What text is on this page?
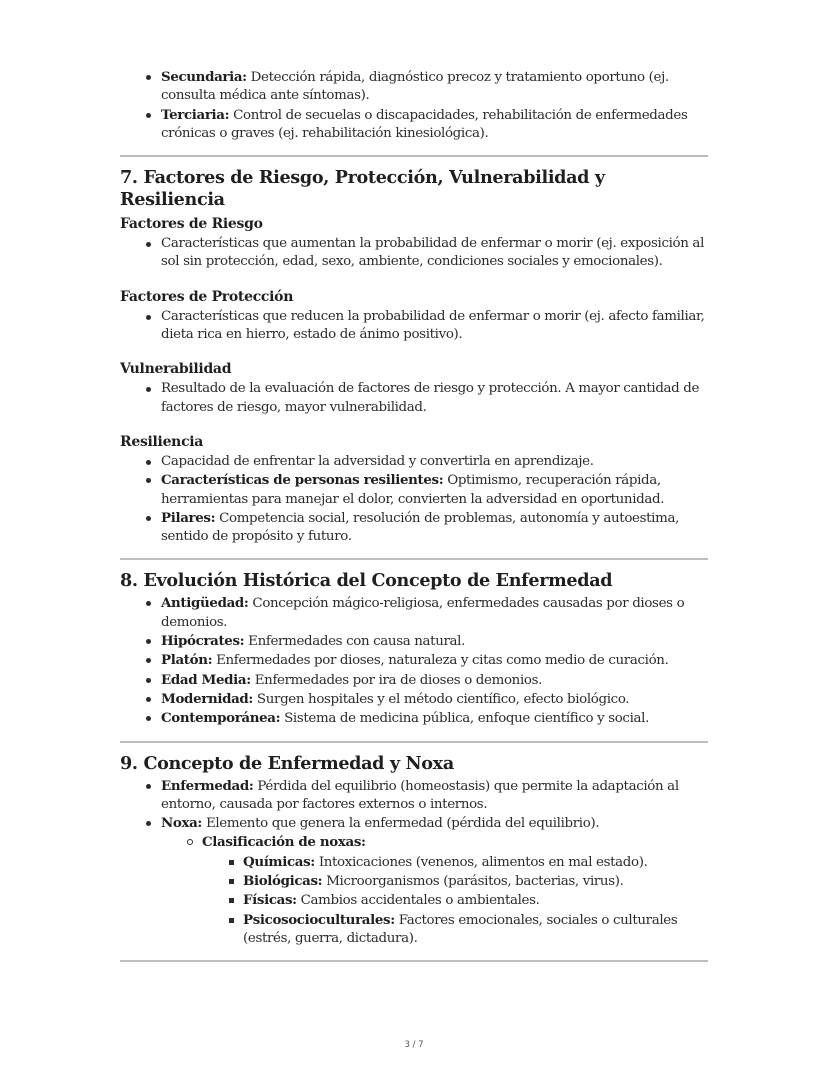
Secundaria: Detección rápida, diagnóstico precoz y tratamiento oportuno (ej. consulta médica ante síntomas).
Terciaria: Control de secuelas o discapacidades, rehabilitación de enfermedades crónicas o graves (ej. rehabilitación kinesiológica).
7. Factores de Riesgo, Protección, Vulnerabilidad y Resiliencia
Factores de Riesgo
Características que aumentan la probabilidad de enfermar o morir (ej. exposición al sol sin protección, edad, sexo, ambiente, condiciones sociales y emocionales).
Factores de Protección
Características que reducen la probabilidad de enfermar o morir (ej. afecto familiar, dieta rica en hierro, estado de ánimo positivo).
Vulnerabilidad
Resultado de la evaluación de factores de riesgo y protección. A mayor cantidad de factores de riesgo, mayor vulnerabilidad.
Resiliencia
Capacidad de enfrentar la adversidad y convertirla en aprendizaje.
Características de personas resilientes: Optimismo, recuperación rápida, herramientas para manejar el dolor, convierten la adversidad en oportunidad.
Pilares: Competencia social, resolución de problemas, autonomía y autoestima, sentido de propósito y futuro.
8. Evolución Histórica del Concepto de Enfermedad
Antigüedad: Concepción mágico-religiosa, enfermedades causadas por dioses o demonios.
Hipócrates: Enfermedades con causa natural.
Platón: Enfermedades por dioses, naturaleza y citas como medio de curación.
Edad Media: Enfermedades por ira de dioses o demonios.
Modernidad: Surgen hospitales y el método científico, efecto biológico.
Contemporánea: Sistema de medicina pública, enfoque científico y social.
9. Concepto de Enfermedad y Noxa
Enfermedad: Pérdida del equilibrio (homeostasis) que permite la adaptación al entorno, causada por factores externos o internos.
Noxa: Elemento que genera la enfermedad (pérdida del equilibrio).
Clasificación de noxas:
Químicas: Intoxicaciones (venenos, alimentos en mal estado).
Biológicas: Microorganismos (parásitos, bacterias, virus).
Físicas: Cambios accidentales o ambientales.
Psicosocioculturales: Factores emocionales, sociales o culturales (estrés, guerra, dictadura).
3 / 7
